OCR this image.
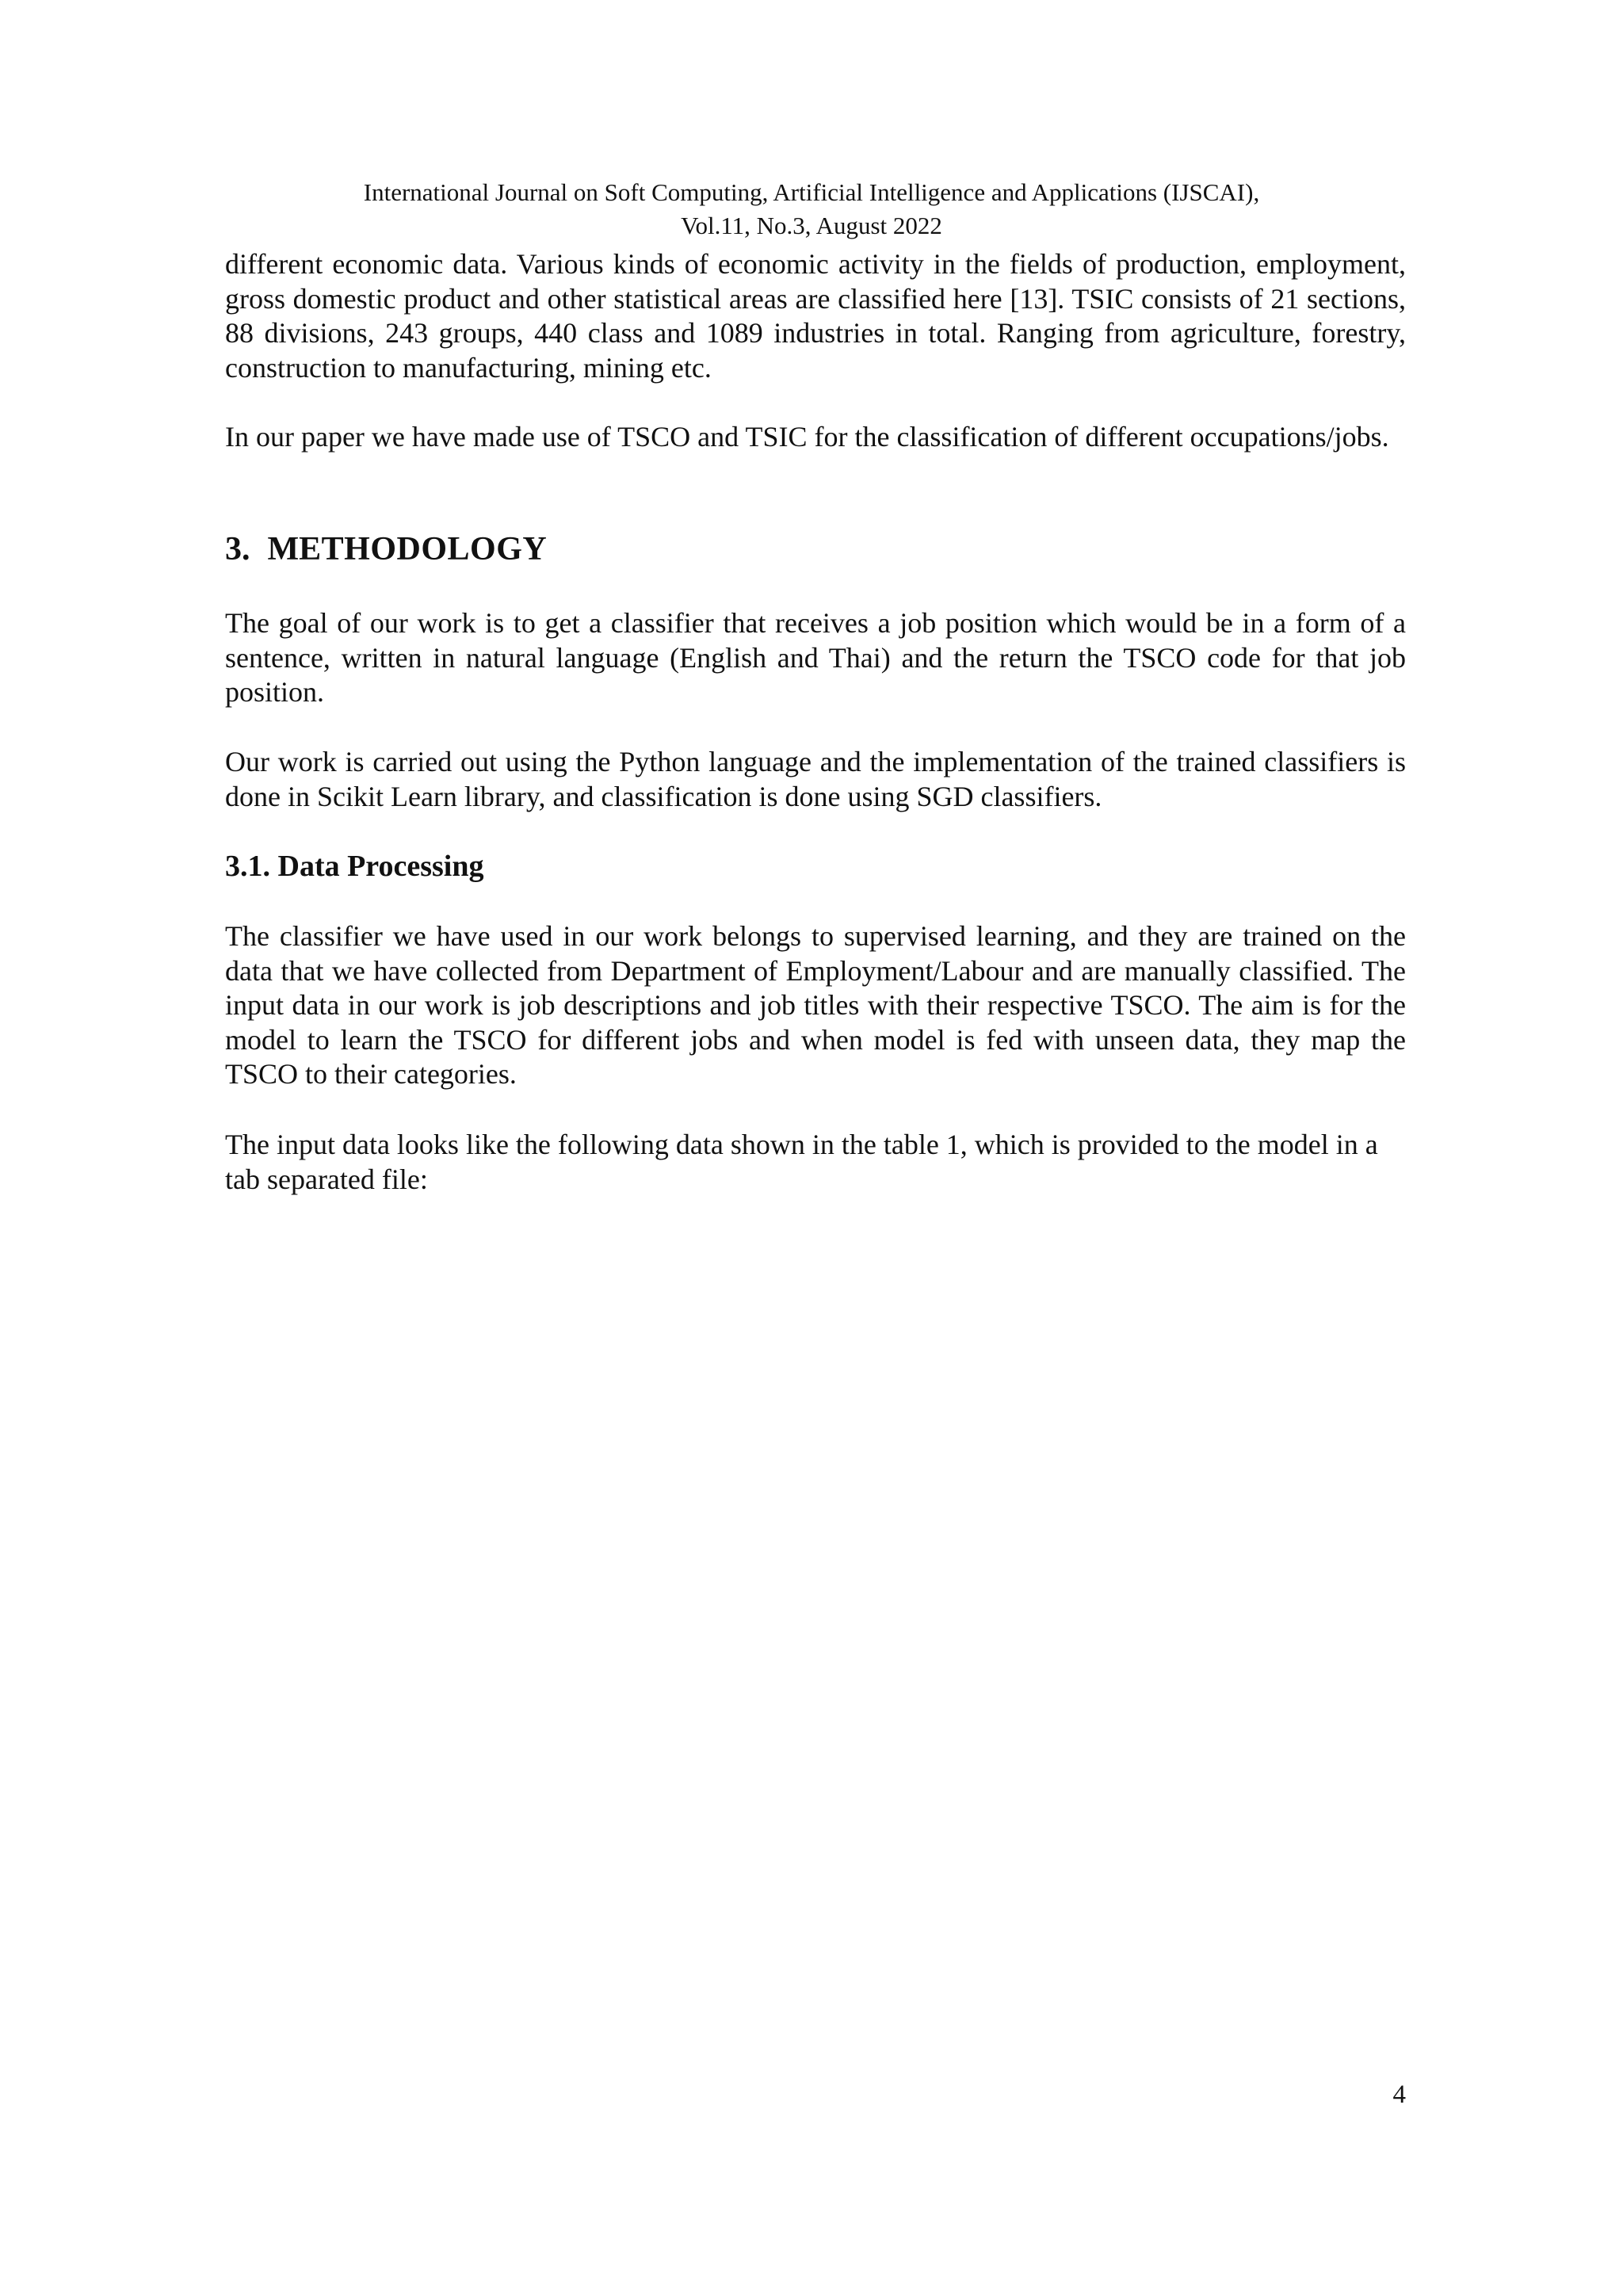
International Journal on Soft Computing, Artificial Intelligence and Applications (IJSCAI),
Vol.11, No.3, August 2022

different economic data. Various kinds of economic activity in the fields of production, employment, gross domestic product and other statistical areas are classified here [13]. TSIC consists of 21 sections, 88 divisions, 243 groups, 440 class and 1089 industries in total. Ranging from agriculture, forestry, construction to manufacturing, mining etc.

In our paper we have made use of TSCO and TSIC for the classification of different occupations/jobs.

3. METHODOLOGY

The goal of our work is to get a classifier that receives a job position which would be in a form of a sentence, written in natural language (English and Thai) and the return the TSCO code for that job position.

Our work is carried out using the Python language and the implementation of the trained classifiers is done in Scikit Learn library, and classification is done using SGD classifiers.

3.1. Data Processing

The classifier we have used in our work belongs to supervised learning, and they are trained on the data that we have collected from Department of Employment/Labour and are manually classified. The input data in our work is job descriptions and job titles with their respective TSCO. The aim is for the model to learn the TSCO for different jobs and when model is fed with unseen data, they map the TSCO to their categories.

The input data looks like the following data shown in the table 1, which is provided to the model in a tab separated file:

4
